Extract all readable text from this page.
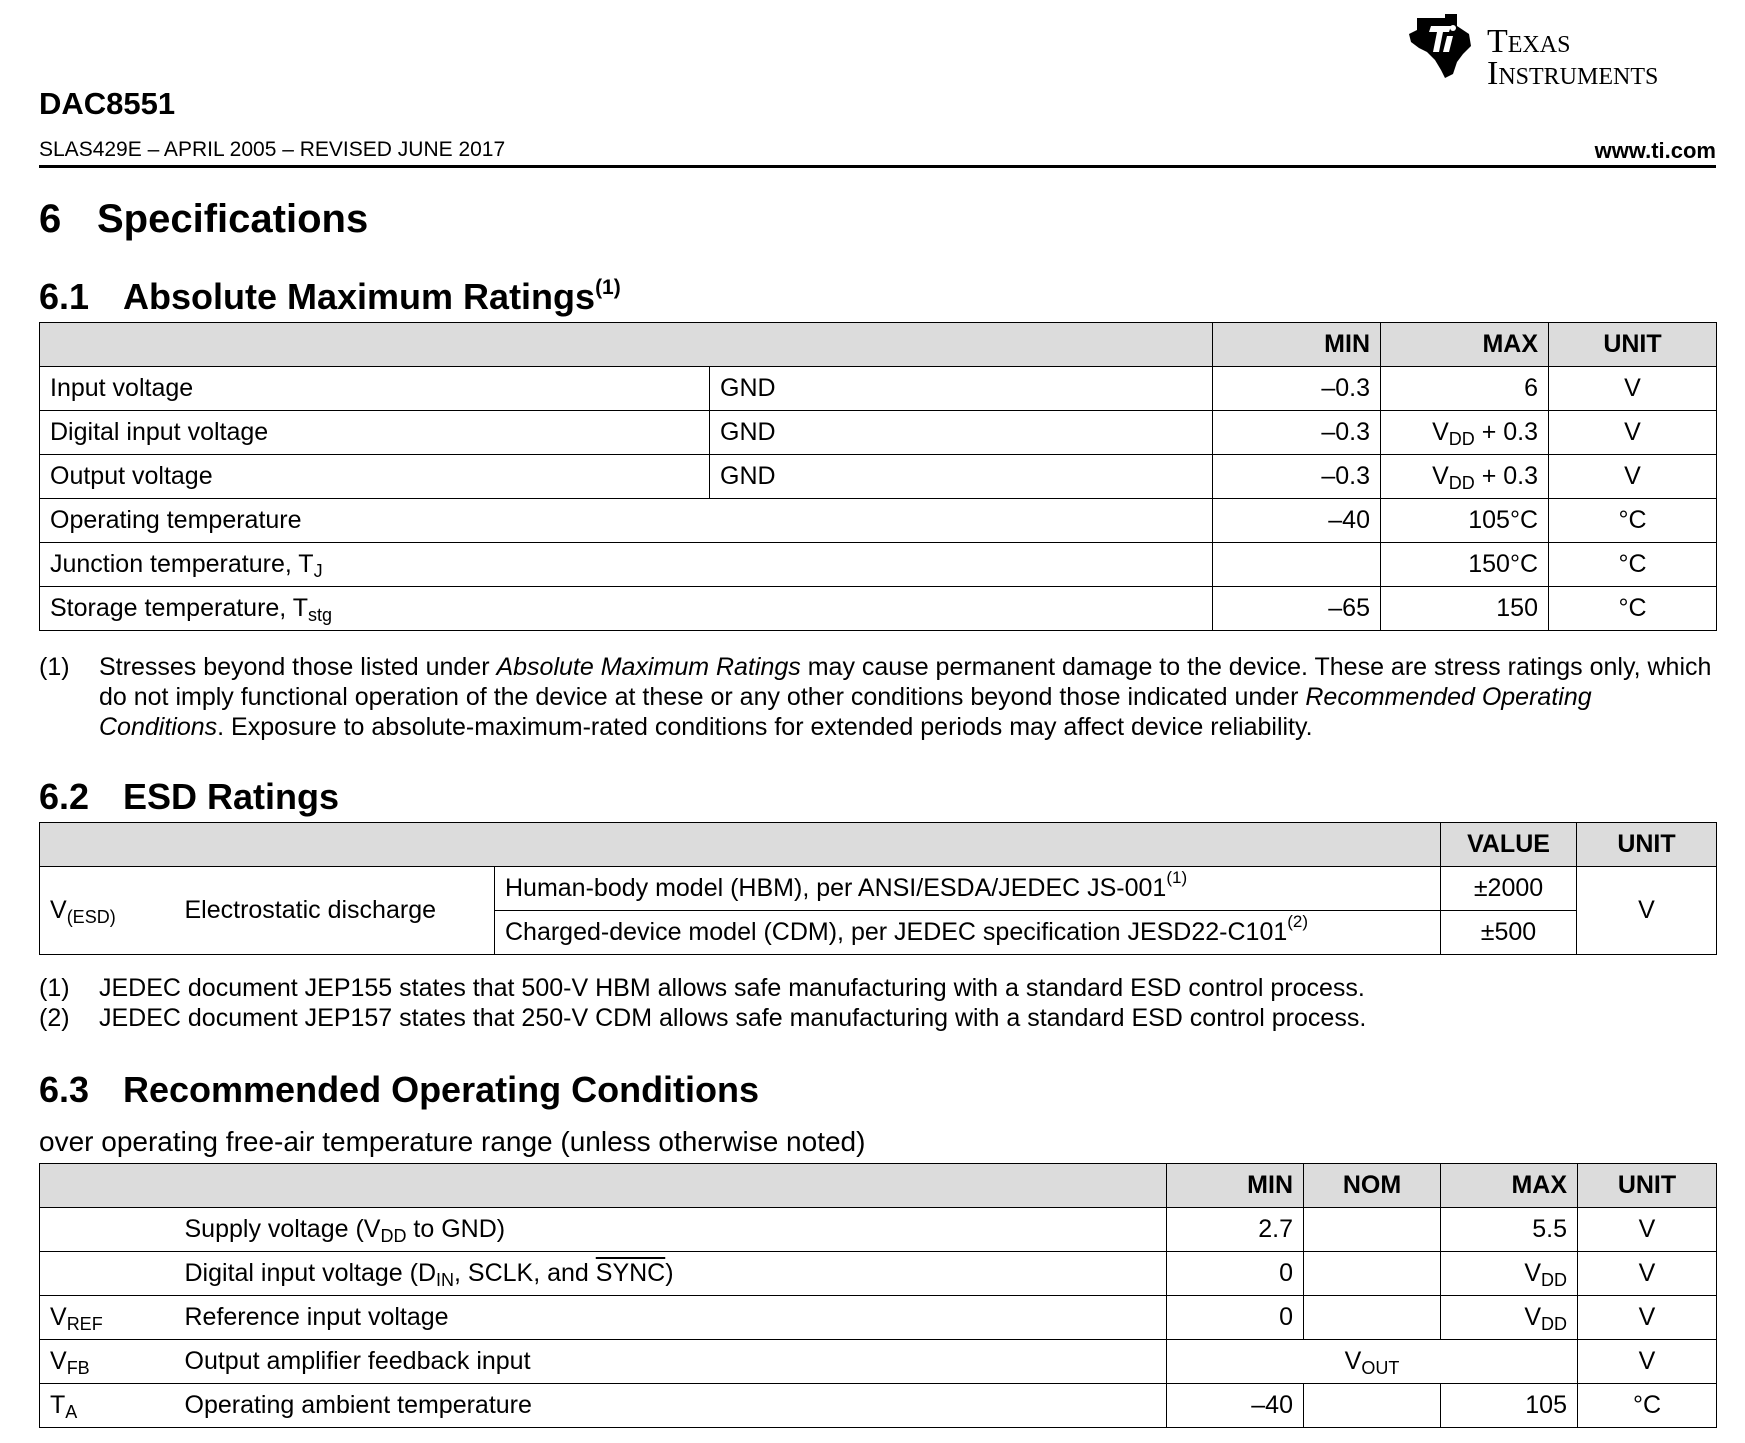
Texas
Instruments
DAC8551
SLAS429E – APRIL 2005 – REVISED JUNE 2017	www.ti.com
6 Specifications
6.1 Absolute Maximum Ratings$^{(1)}$
		MIN	MAX	UNIT
Input voltage	GND	–0.3	6	V
Digital input voltage	GND	–0.3	$V_{DD} + 0.3$	V
Output voltage	GND	–0.3	$V_{DD} + 0.3$	V
Operating temperature		–40	105°C	°C
Junction temperature, $T_J$			150°C	°C
Storage temperature, $T_{stg}$		–65	150	°C
(1)	Stresses beyond those listed under Absolute Maximum Ratings may cause permanent damage to the device. These are stress ratings only, which do not imply functional operation of the device at these or any other conditions beyond those indicated under Recommended Operating Conditions. Exposure to absolute-maximum-rated conditions for extended periods may affect device reliability.
6.2 ESD Ratings
			VALUE	UNIT
$V_{(ESD)}$	Electrostatic discharge	Human-body model (HBM), per ANSI/ESDA/JEDEC $JS-001^{(1)}$	±2000	V
		Charged-device model (CDM), per JEDEC specification $JESD22-C101^{(2)}$	±500	
(1)	JEDEC document JEP155 states that 500-V HBM allows safe manufacturing with a standard ESD control process.
(2)	JEDEC document JEP157 states that 250-V CDM allows safe manufacturing with a standard ESD control process.
6.3 Recommended Operating Conditions
over operating free-air temperature range (unless otherwise noted)
		MIN	NOM	MAX	UNIT
	Supply voltage ($V_{DD}$ to GND)	2.7		5.5	V
	Digital input voltage ($D_{IN}$, SCLK, and SYNC)	0		$V_{DD}$	V
$V_{REF}$	Reference input voltage	0		$V_{DD}$	V
$V_{FB}$	Output amplifier feedback input	$V_{OUT}$			V
$T_A$	Operating ambient temperature	–40		105	°C
